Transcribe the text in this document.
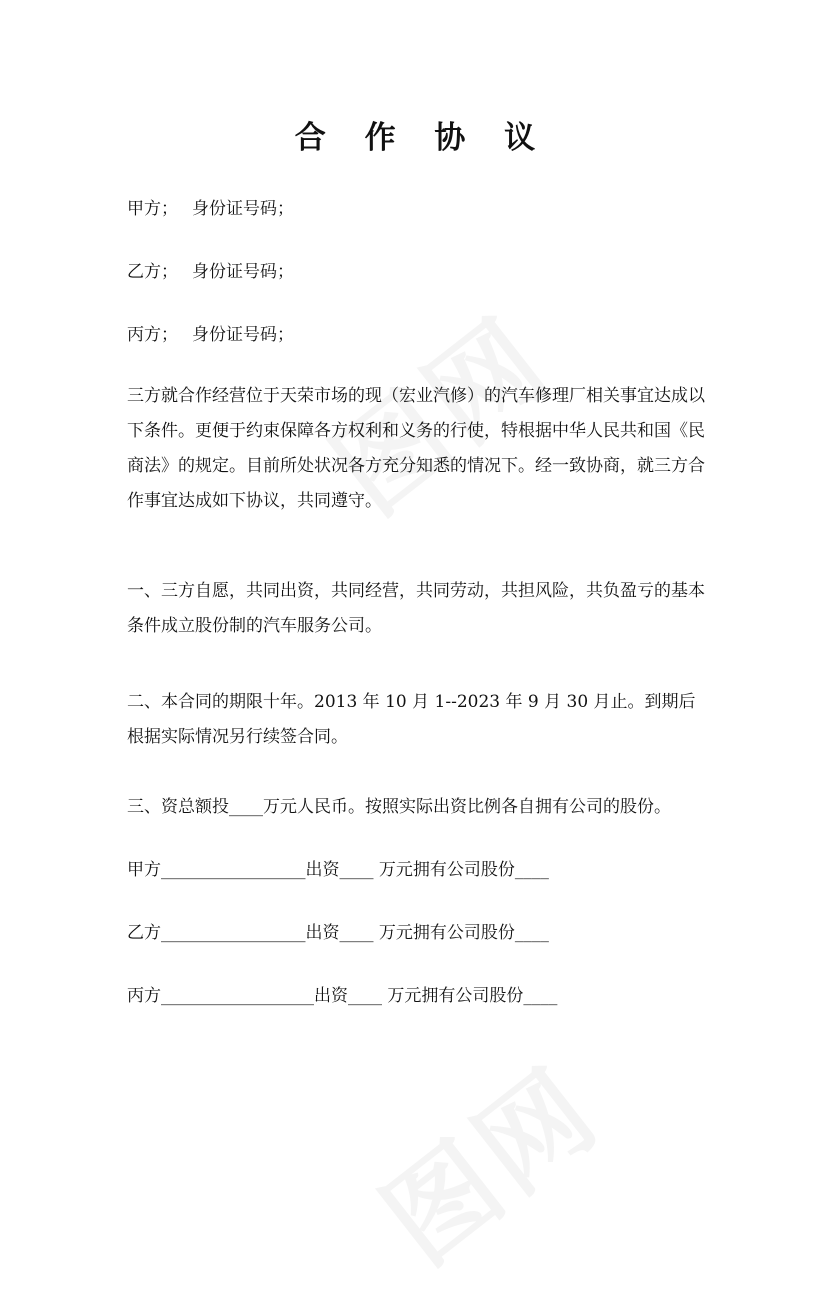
合 作 协 议

甲方； 身份证号码；

乙方； 身份证号码；

丙方； 身份证号码；

三方就合作经营位于天荣市场的现（宏业汽修）的汽车修理厂相关事宜达成以下条件。更便于约束保障各方权利和义务的行使，特根据中华人民共和国《民商法》的规定。目前所处状况各方充分知悉的情况下。经一致协商，就三方合作事宜达成如下协议，共同遵守。

一、三方自愿，共同出资，共同经营，共同劳动，共担风险，共负盈亏的基本条件成立股份制的汽车服务公司。

二、本合同的期限十年。2013 年 10 月 1--2023 年 9 月 30 月止。到期后根据实际情况另行续签合同。

三、资总额投____万元人民币。按照实际出资比例各自拥有公司的股份。

甲方_________________出资____ 万元拥有公司股份____

乙方_________________出资____ 万元拥有公司股份____

丙方__________________出资____ 万元拥有公司股份____
